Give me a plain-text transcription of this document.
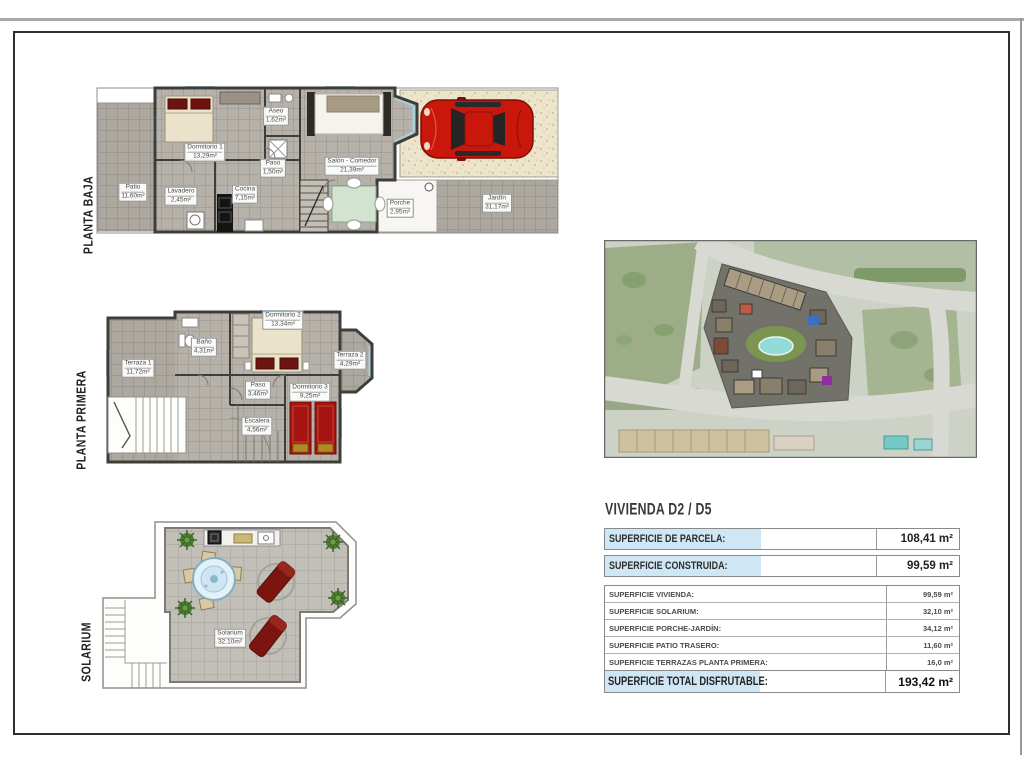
PLANTA BAJA
PLANTA PRIMERA
SOLARIUM
Dormitorio 1
13,29m²
Aseo
1,62m²
Paso
1,50m²
Patio
11,60m²
Lavadero
2,45m²
Cocina
7,15m²
Salón - Comedor
21,39m²
Porche
2,95m²
Jardín
31,17m²
Terraza 1
11,72m²
Baño
4,31m²
Dormitorio 2
13,34m²
Terraza 2
4,29m²
Paso
3,46m²
Dormitorio 3
9,25m²
Escalera
4,56m²
Solarium
32,10m²
VIVIENDA D2 / D5
SUPERFICIE DE PARCELA:	108,41 m²
SUPERFICIE CONSTRUIDA:	99,59 m²
SUPERFICIE VIVIENDA:	99,59 m²
SUPERFICIE SOLARIUM:	32,10 m²
SUPERFICIE PORCHE-JARDÍN:	34,12 m²
SUPERFICIE PATIO TRASERO:	11,60 m²
SUPERFICIE TERRAZAS PLANTA PRIMERA:	16,0 m²
SUPERFICIE TOTAL DISFRUTABLE:	193,42 m²
